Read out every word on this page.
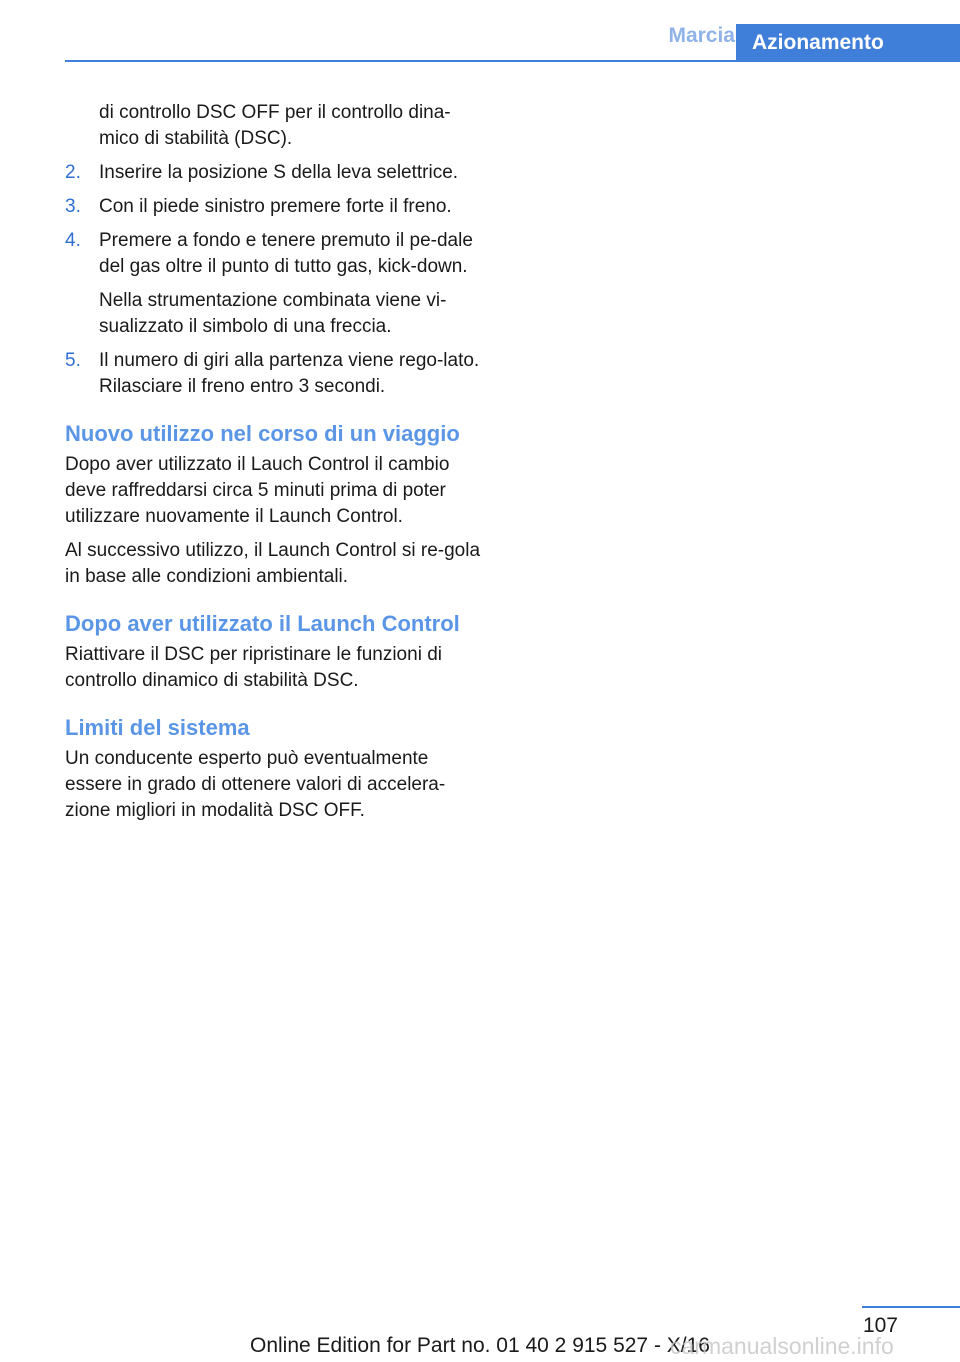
Marcia Azionamento

di controllo DSC OFF per il controllo dina‐mico di stabilità (DSC).

2. Inserire la posizione S della leva selettrice.
3. Con il piede sinistro premere forte il freno.
4. Premere a fondo e tenere premuto il pe‐dale del gas oltre il punto di tutto gas, kick‐down.

Nella strumentazione combinata viene vi‐sualizzato il simbolo di una freccia.

5. Il numero di giri alla partenza viene rego‐lato. Rilasciare il freno entro 3 secondi.
Nuovo utilizzo nel corso di un viaggio

Dopo aver utilizzato il Lauch Control il cambio deve raffreddarsi circa 5 minuti prima di poter utilizzare nuovamente il Launch Control.

Al successivo utilizzo, il Launch Control si re‐gola in base alle condizioni ambientali.

Dopo aver utilizzato il Launch Control

Riattivare il DSC per ripristinare le funzioni di controllo dinamico di stabilità DSC.

Limiti del sistema

Un conducente esperto può eventualmente essere in grado di ottenere valori di accelera‐zione migliori in modalità DSC OFF.

107
Online Edition for Part no. 01 40 2 915 527 - X/16
carmanualsonline.info
